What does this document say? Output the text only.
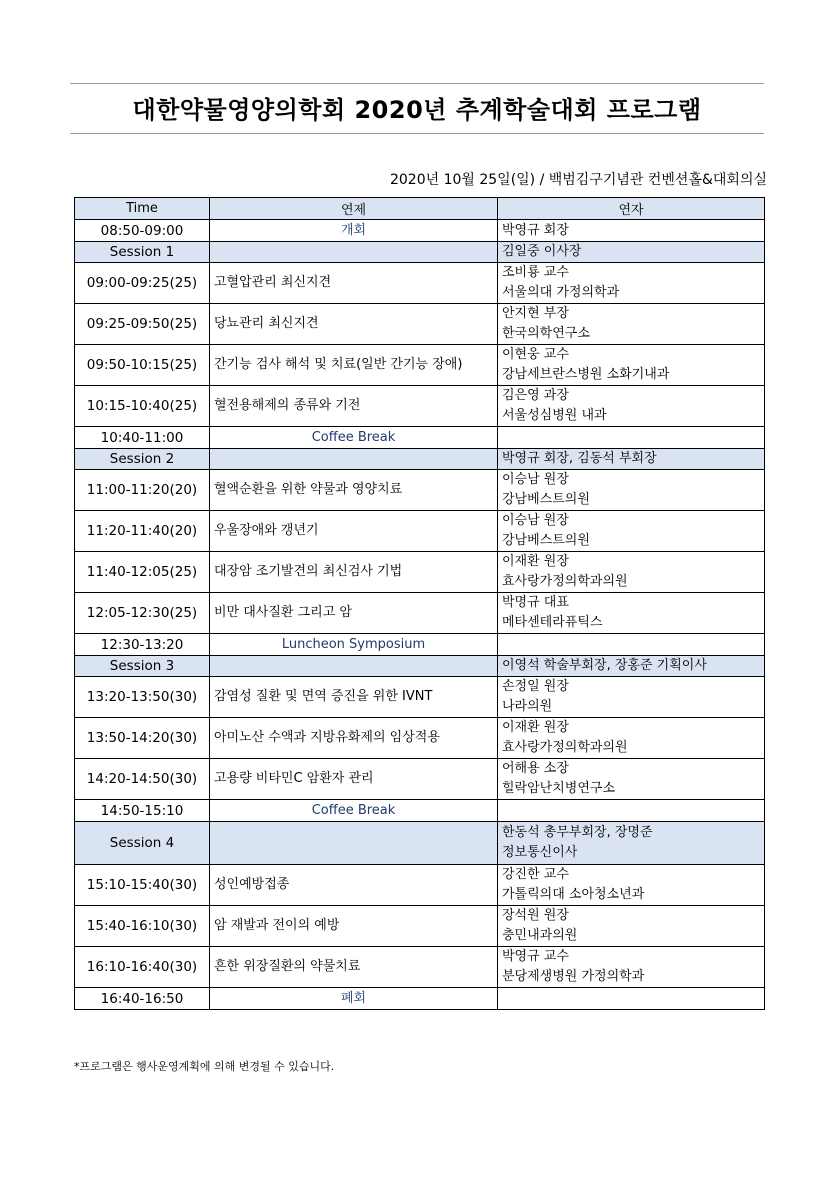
대한약물영양의학회 2020년 추계학술대회 프로그램
2020년 10월 25일(일) / 백범김구기념관 컨벤션홀&대회의실
Time	연제	연자
08:50-09:00	개회	박영규 회장
Session 1		김일중 이사장
09:00-09:25(25)	고혈압관리 최신지견	조비룡 교수
서울의대 가정의학과

09:25-09:50(25)	당뇨관리 최신지견	안지현 부장
한국의학연구소

09:50-10:15(25)	간기능 검사 해석 및 치료(일반 간기능 장애)	이현웅 교수
강남세브란스병원 소화기내과

10:15-10:40(25)	혈전용해제의 종류와 기전	김은영 과장
서울성심병원 내과

10:40-11:00	Coffee Break	
Session 2		박영규 회장, 김동석 부회장
11:00-11:20(20)	혈액순환을 위한 약물과 영양치료	이승남 원장
강남베스트의원

11:20-11:40(20)	우울장애와 갱년기	이승남 원장
강남베스트의원

11:40-12:05(25)	대장암 조기발견의 최신검사 기법	이재환 원장
효사랑가정의학과의원

12:05-12:30(25)	비만 대사질환 그리고 암	박명규 대표
메타센테라퓨틱스

12:30-13:20	Luncheon Symposium	
Session 3		이영석 학술부회장, 장홍준 기획이사
13:20-13:50(30)	감염성 질환 및 면역 증진을 위한 IVNT	손정일 원장
나라의원

13:50-14:20(30)	아미노산 수액과 지방유화제의 임상적용	이재환 원장
효사랑가정의학과의원

14:20-14:50(30)	고용량 비타민C 암환자 관리	어해용 소장
힐락암난치병연구소

14:50-15:10	Coffee Break	
Session 4		한동석 총무부회장, 장명준
정보통신이사

15:10-15:40(30)	성인예방접종	강진한 교수
가톨릭의대 소아청소년과

15:40-16:10(30)	암 재발과 전이의 예방	장석원 원장
충민내과의원

16:10-16:40(30)	흔한 위장질환의 약물치료	박영규 교수
분당제생병원 가정의학과

16:40-16:50	폐회	
*프로그램은 행사운영계획에 의해 변경될 수 있습니다.
